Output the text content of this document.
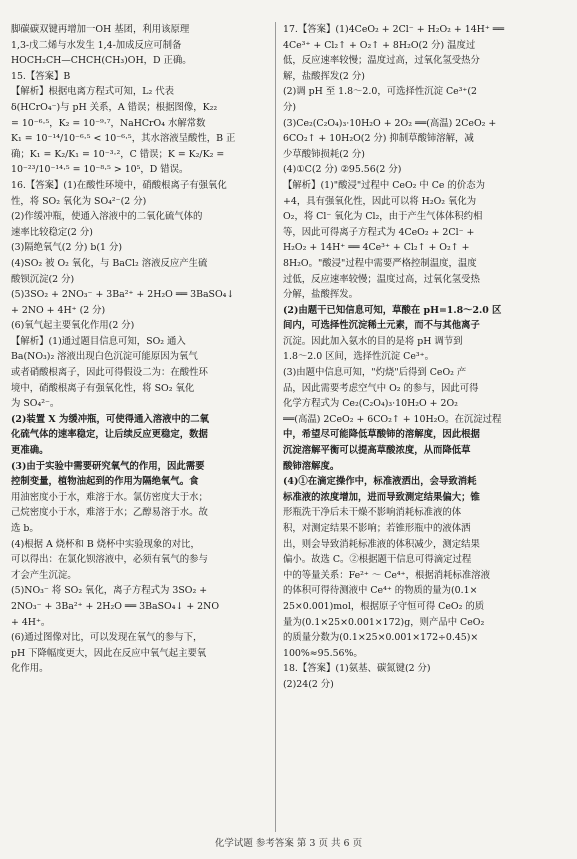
脚碳碳双键再增加一OH 基团，利用该原理
1,3-戊二烯与水发生 1,4-加成反应可制备
HOCH₂CH—CHCH(CH₃)OH，D 正确。
15.【答案】B
【解析】根据电离方程式可知，L₂ 代表
δ(HCrO₄⁻)与 pH 关系，A 错误；根据图像，K₂₂
= 10⁻⁶·⁵，K₂ = 10⁻⁹·⁷，NaHCrO₄ 水解常数
K₁ = 10⁻¹⁴/10⁻⁶·⁵ < 10⁻⁶·⁵，其水溶液呈酸性，B 正
确；K₁ = K₂/K₁ = 10⁻³·²，C 错误；K = K₂/K₂ =
10⁻²³/10⁻¹⁴·⁵ = 10⁻⁸·⁵ > 10⁵，D 错误。
16.【答案】(1)在酸性环境中，硝酸根离子有强氧化
性，将 SO₂ 氧化为 SO₄²⁻(2 分)
(2)作缓冲瓶，使通入溶液中的二氧化硫气体的
速率比较稳定(2 分)
(3)隔绝氧气(2 分) b(1 分)
(4)SO₂ 被 O₂ 氧化，与 BaCl₂ 溶液反应产生硫
酸钡沉淀(2 分)
(5)3SO₂ + 2NO₃⁻ + 3Ba²⁺ + 2H₂O ══ 3BaSO₄↓
+ 2NO + 4H⁺ (2 分)
(6)氧气起主要氧化作用(2 分)
【解析】(1)通过题目信息可知，SO₂ 通入
Ba(NO₃)₂ 溶液出现白色沉淀可能原因为氧气
或者硝酸根离子，因此可得假设二为：在酸性环
境中，硝酸根离子有强氧化性，将 SO₂ 氧化
为 SO₄²⁻。
(2)装置 X 为缓冲瓶，可使得通入溶液中的二氧
化硫气体的速率稳定，让后续反应更稳定，数据
更准确。
(3)由于实验中需要研究氧气的作用，因此需要
控制变量，植物油起到的作用为隔绝氧气。食
用油密度小于水，难溶于水。氯仿密度大于水；
己烷密度小于水，难溶于水；乙醇易溶于水。故
选 b。
(4)根据 A 烧杯和 B 烧杯中实验现象的对比，
可以得出：在氯化钡溶液中，必须有氧气的参与
才会产生沉淀。
(5)NO₃⁻ 将 SO₂ 氧化，离子方程式为 3SO₂ +
2NO₃⁻ + 3Ba²⁺ + 2H₂O ══ 3BaSO₄↓ + 2NO
+ 4H⁺。
(6)通过图像对比，可以发现在氧气的参与下，
pH 下降幅度更大，因此在反应中氧气起主要氧
化作用。
17.【答案】(1)4CeO₂ + 2Cl⁻ + H₂O₂ + 14H⁺ ══
4Ce³⁺ + Cl₂↑ + O₂↑ + 8H₂O(2 分) 温度过
低，反应速率较慢；温度过高，过氧化氢受热分
解，盐酸挥发(2 分)
(2)调 pH 至 1.8～2.0，可选择性沉淀 Ce³⁺(2
分)
(3)Ce₂(C₂O₄)₃·10H₂O + 2O₂ ══(高温) 2CeO₂ +
6CO₂↑ + 10H₂O(2 分) 抑制草酸铈溶解，减
少草酸铈损耗(2 分)
(4)①C(2 分) ②95.56(2 分)
【解析】(1)"酸浸"过程中 CeO₂ 中 Ce 的价态为
+4，具有强氧化性，因此可以将 H₂O₂ 氧化为
O₂，将 Cl⁻ 氧化为 Cl₂，由于产生气体体积约相
等，因此可得离子方程式为 4CeO₂ + 2Cl⁻ +
H₂O₂ + 14H⁺ ══ 4Ce³⁺ + Cl₂↑ + O₂↑ +
8H₂O。"酸浸"过程中需要严格控制温度，温度
过低，反应速率较慢；温度过高，过氧化氢受热
分解，盐酸挥发。
(2)由题干已知信息可知，草酸在 pH=1.8～2.0 区
间内，可选择性沉淀稀土元素，而不与其他离子
沉淀。因此加入氨水的目的是将 pH 调节到
1.8～2.0 区间，选择性沉淀 Ce³⁺。
(3)由题中信息可知，"灼烧"后得到 CeO₂ 产
品，因此需要考虑空气中 O₂ 的参与，因此可得
化学方程式为 Ce₂(C₂O₄)₃·10H₂O + 2O₂
══(高温) 2CeO₂ + 6CO₂↑ + 10H₂O。在沉淀过程
中，希望尽可能降低草酸铈的溶解度，因此根据
沉淀溶解平衡可以提高草酸浓度，从而降低草
酸铈溶解度。
(4)①在滴定操作中，标准液洒出，会导致消耗
标准液的浓度增加，进而导致测定结果偏大；锥
形瓶洗干净后未干燥不影响消耗标准液的体
积，对测定结果不影响；若锥形瓶中的液体洒
出，则会导致消耗标准液的体积减少，测定结果
偏小。故选 C。②根据题干信息可得滴定过程
中的等量关系：Fe²⁺ ～ Ce⁴⁺，根据消耗标准溶液
的体积可得待测液中 Ce⁴⁺ 的物质的量为(0.1×
25×0.001)mol，根据原子守恒可得 CeO₂ 的质
量为(0.1×25×0.001×172)g，则产品中 CeO₂
的质量分数为(0.1×25×0.001×172÷0.45)×
100%≈95.56%。
18.【答案】(1)氨基、碳氮键(2 分)
(2)24(2 分)
化学试题 参考答案 第 3 页 共 6 页
